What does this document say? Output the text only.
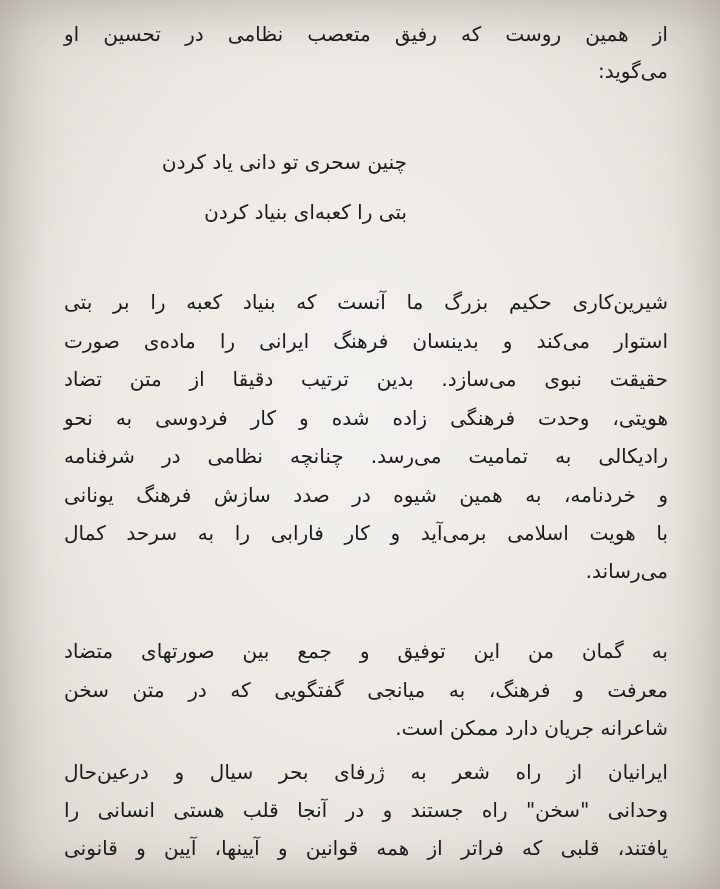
از همین روست که رفیق متعصب نظامی در تحسین او
می‌گوید:
چنین سحری تو دانی یاد کردن
بتی را کعبه‌ای بنیاد کردن
شیرین‌کاری حکیم بزرگ ما آنست که بنیاد کعبه را بر بتی
استوار می‌کند و بدینسان فرهنگ ایرانی را ماده‌ی صورت
حقیقت نبوی می‌سازد. بدین ترتیب دقیقا از متن تضاد
هویتی، وحدت فرهنگی زاده شده و کار فردوسی به نحو
رادیکالی به تمامیت می‌رسد. چنانچه نظامی در شرفنامه
و خردنامه، به همین شیوه در صدد سازش فرهنگ یونانی
با هویت اسلامی برمی‌آید و کار فارابی را به سرحد کمال
می‌رساند.
به گمان من این توفیق و جمع بین صورتهای متضاد
معرفت و فرهنگ، به میانجی گفتگویی که در متن سخن
شاعرانه جریان دارد ممکن است.
ایرانیان از راه شعر به ژرفای بحر سیال و درعین‌حال
وحدانی "سخن" راه جستند و در آنجا قلب هستی انسانی را
یافتند، قلبی که فراتر از همه قوانین و آیینها، آیین و قانونی
